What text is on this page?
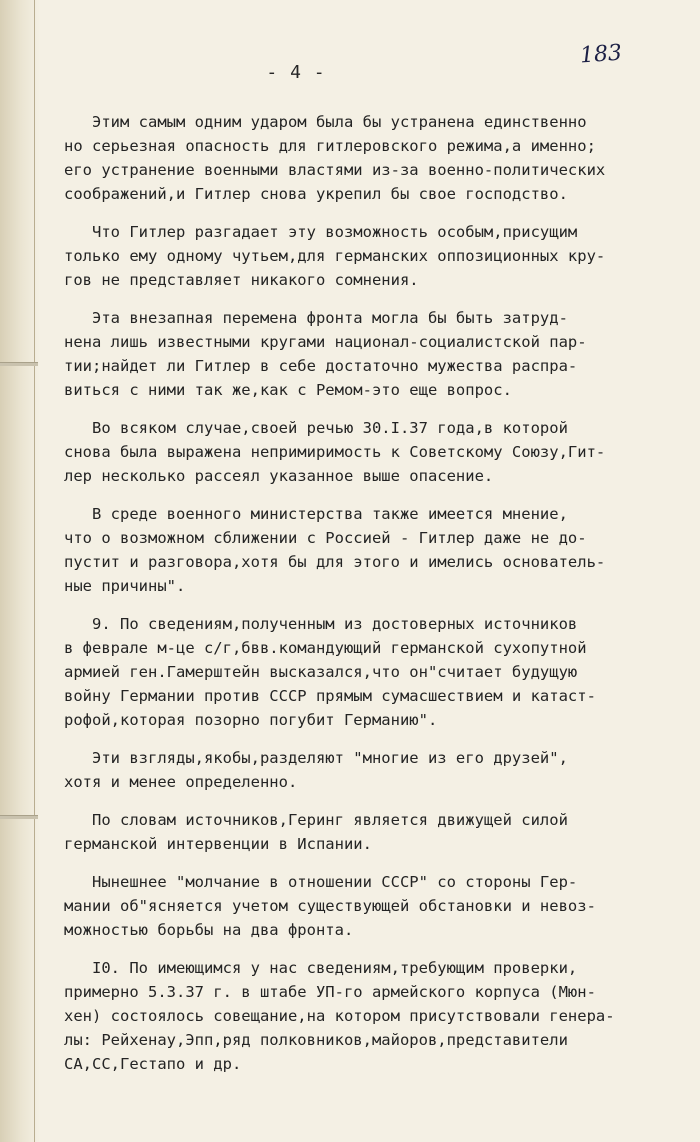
183
- 4 -
Этим самым одним ударом была бы устранена единственно
но серьезная опасность для гитлеровского режима,а именно;
его устранение военными властями из-за военно-политических
соображений,и Гитлер снова укрепил бы свое господство.
Что Гитлер разгадает эту возможность особым,присущим
только ему одному чутьем,для германских оппозиционных кру-
гов не представляет никакого сомнения.
Эта внезапная перемена фронта могла бы быть затруд-
нена лишь известными кругами национал-социалистской пар-
тии;найдет ли Гитлер в себе достаточно мужества распра-
виться с ними так же,как с Ремом-это еще вопрос.
Во всяком случае,своей речью 30.I.37 года,в которой
снова была выражена непримиримость к Советскому Союзу,Гит-
лер несколько рассеял указанное выше опасение.
В среде военного министерства также имеется мнение,
что о возможном сближении с Россией - Гитлер даже не до-
пустит и разговора,хотя бы для этого и имелись основатель-
ные причины".
9. По сведениям,полученным из достоверных источников
в феврале м-це с/г,бвв.командующий германской сухопутной
армией ген.Гамерштейн высказался,что он"считает будущую
войну Германии против СССР прямым сумасшествием и катаст-
рофой,которая позорно погубит Германию".
Эти взгляды,якобы,разделяют "многие из его друзей",
хотя и менее определенно.
По словам источников,Геринг является движущей силой
германской интервенции в Испании.
Нынешнее "молчание в отношении СССР" со стороны Гер-
мании об"ясняется учетом существующей обстановки и невоз-
можностью борьбы на два фронта.
I0. По имеющимся у нас сведениям,требующим проверки,
примерно 5.3.37 г. в штабе УП-го армейского корпуса (Мюн-
хен) состоялось совещание,на котором присутствовали генера-
лы: Рейхенау,Эпп,ряд полковников,майоров,представители
СА,СС,Гестапо и др.
